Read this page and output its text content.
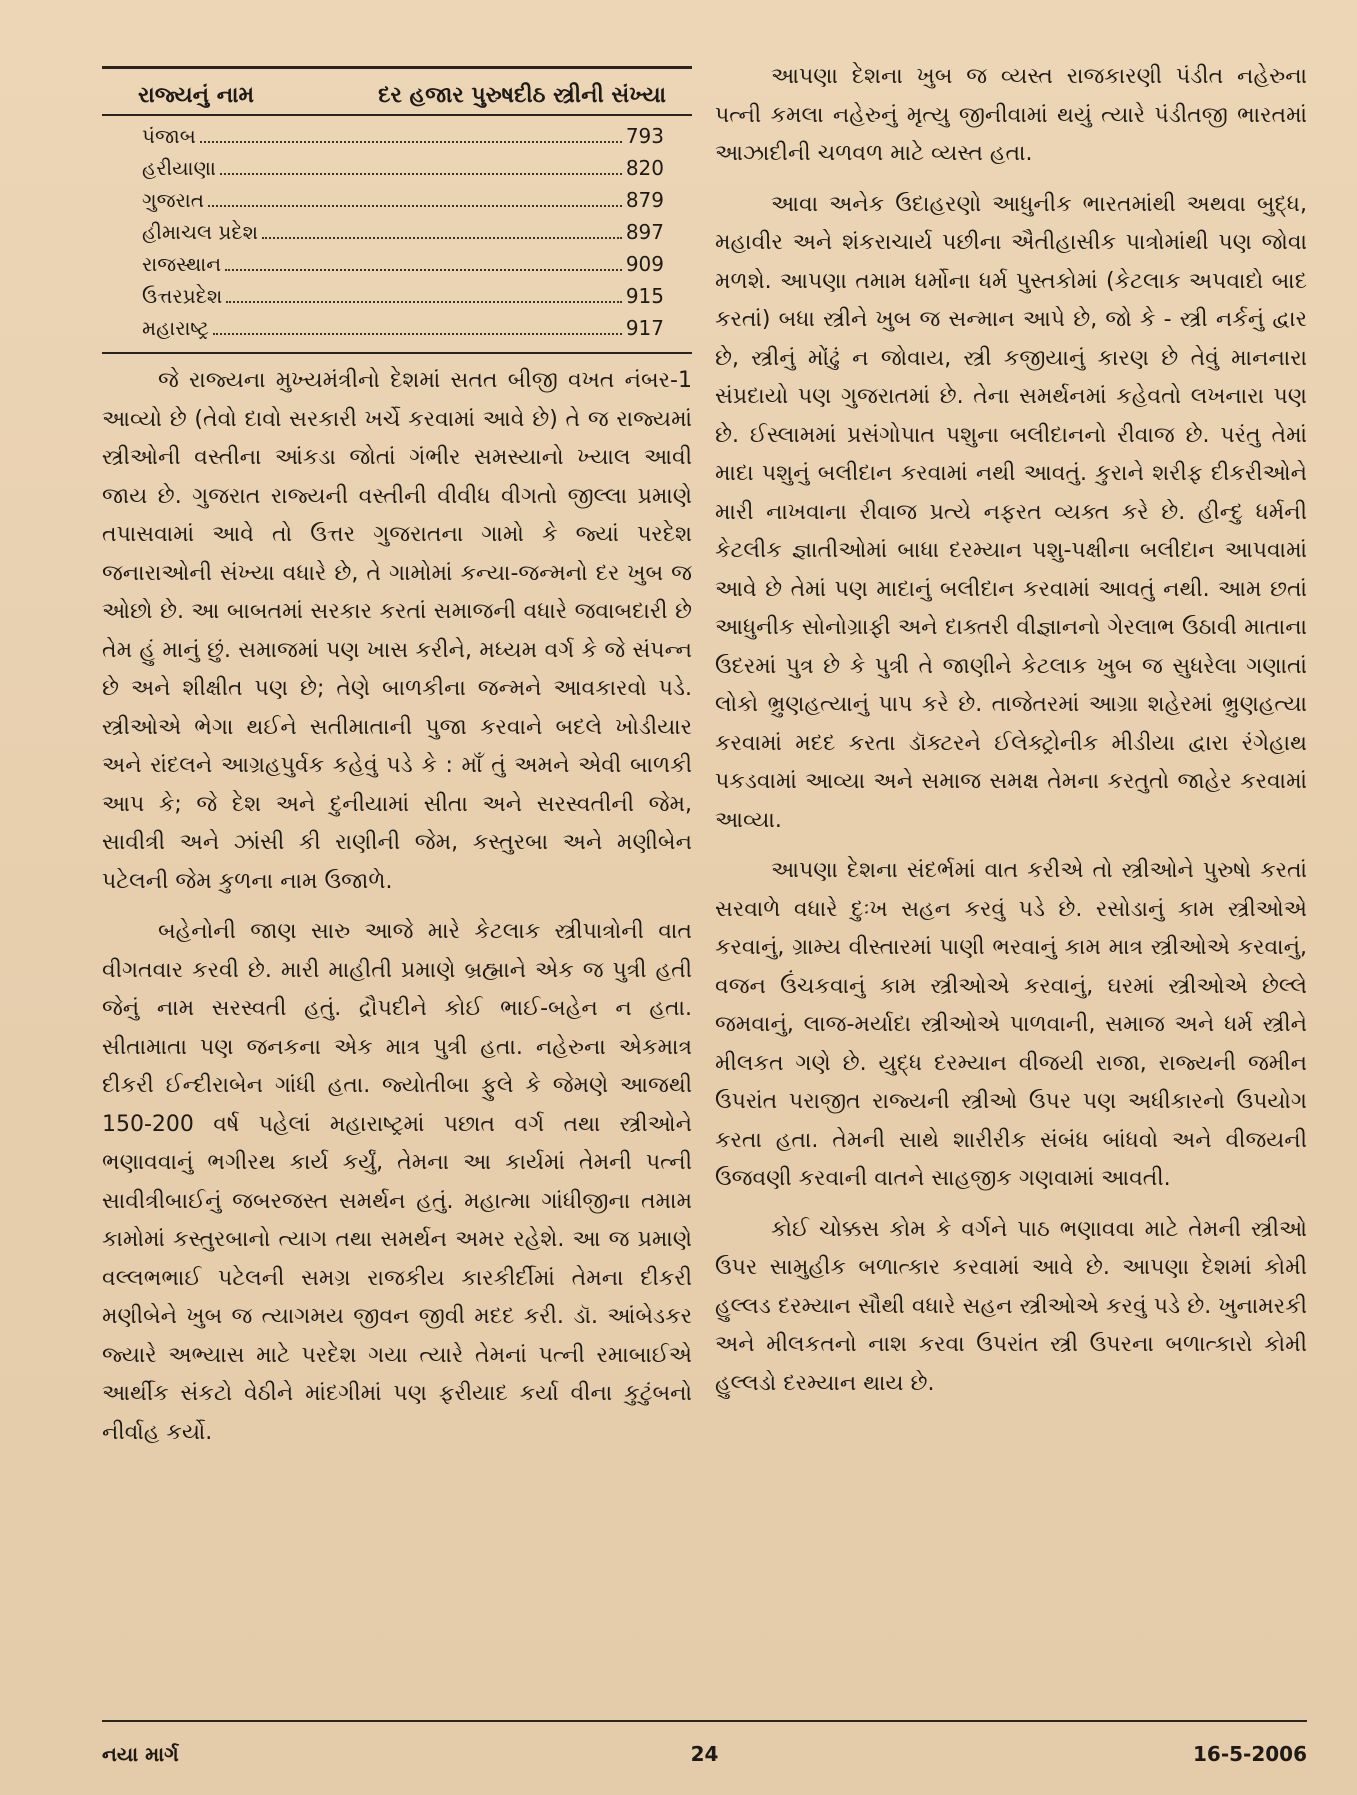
રાજ્યનું નામ	દર હજાર પુરુષદીઠ સ્ત્રીની સંખ્યા
પંજાબ	793
હરીયાણા	820
ગુજરાત	879
હીમાચલ પ્રદેશ	897
રાજસ્થાન	909
ઉત્તરપ્રદેશ	915
મહારાષ્ટ્ર	917

જે રાજ્યના મુખ્યમંત્રીનો દેશમાં સતત બીજી વખત નંબર-1 આવ્યો છે (તેવો દાવો સરકારી ખર્ચે કરવામાં આવે છે) તે જ રાજ્યમાં સ્ત્રીઓની વસ્તીના આંકડા જોતાં ગંભીર સમસ્યાનો ખ્યાલ આવી જાય છે. ગુજરાત રાજ્યની વસ્તીની વીવીધ વીગતો જીલ્લા પ્રમાણે તપાસવામાં આવે તો ઉત્તર ગુજરાતના ગામો કે જ્યાં પરદેશ જનારાઓની સંખ્યા વધારે છે, તે ગામોમાં કન્યા-જન્મનો દર ખુબ જ ઓછો છે. આ બાબતમાં સરકાર કરતાં સમાજની વધારે જવાબદારી છે તેમ હું માનું છું. સમાજમાં પણ ખાસ કરીને, મધ્યમ વર્ગ કે જે સંપન્ન છે અને શીક્ષીત પણ છે; તેણે બાળકીના જન્મને આવકારવો પડે. સ્ત્રીઓએ ભેગા થઈને સતીમાતાની પુજા કરવાને બદલે ખોડીયાર અને રાંદલને આગ્રહપુર્વક કહેવું પડે કે : માઁ તું અમને એવી બાળકી આપ કે; જે દેશ અને દુનીયામાં સીતા અને સરસ્વતીની જેમ, સાવીત્રી અને ઝાંસી કી રાણીની જેમ, કસ્તુરબા અને મણીબેન પટેલની જેમ કુળના નામ ઉજાળે.

બહેનોની જાણ સારુ આજે મારે કેટલાક સ્ત્રીપાત્રોની વાત વીગતવાર કરવી છે. મારી માહીતી પ્રમાણે બ્રહ્માને એક જ પુત્રી હતી જેનું નામ સરસ્વતી હતું. દ્રૌપદીને કોઈ ભાઈ-બહેન ન હતા. સીતામાતા પણ જનકના એક માત્ર પુત્રી હતા. નહેરુના એકમાત્ર દીકરી ઈન્દીરાબેન ગાંધી હતા. જ્યોતીબા ફુલે કે જેમણે આજથી 150-200 વર્ષ પહેલાં મહારાષ્ટ્રમાં પછાત વર્ગ તથા સ્ત્રીઓને ભણાવવાનું ભગીરથ કાર્ય કર્યું, તેમના આ કાર્યમાં તેમની પત્ની સાવીત્રીબાઈનું જબરજસ્ત સમર્થન હતું. મહાત્મા ગાંધીજીના તમામ કામોમાં કસ્તુરબાનો ત્યાગ તથા સમર્થન અમર રહેશે. આ જ પ્રમાણે વલ્લભભાઈ પટેલની સમગ્ર રાજકીય કારકીર્દીમાં તેમના દીકરી મણીબેને ખુબ જ ત્યાગમય જીવન જીવી મદદ કરી. ડૉ. આંબેડકર જ્યારે અભ્યાસ માટે પરદેશ ગયા ત્યારે તેમનાં પત્ની રમાબાઈએ આર્થીક સંકટો વેઠીને માંદગીમાં પણ ફરીયાદ કર્યા વીના કુટુંબનો નીર્વાહ કર્યો.

આપણા દેશના ખુબ જ વ્યસ્ત રાજકારણી પંડીત નહેરુના પત્ની કમલા નહેરુનું મૃત્યુ જીનીવામાં થયું ત્યારે પંડીતજી ભારતમાં આઝાદીની ચળવળ માટે વ્યસ્ત હતા.

આવા અનેક ઉદાહરણો આધુનીક ભારતમાંથી અથવા બુદ્ધ, મહાવીર અને શંકરાચાર્ય પછીના ઐતીહાસીક પાત્રોમાંથી પણ જોવા મળશે. આપણા તમામ ધર્મોના ધર્મ પુસ્તકોમાં (કેટલાક અપવાદો બાદ કરતાં) બધા સ્ત્રીને ખુબ જ સન્માન આપે છે, જો કે - સ્ત્રી નર્કનું દ્વાર છે, સ્ત્રીનું મોંઢું ન જોવાય, સ્ત્રી કજીયાનું કારણ છે તેવું માનનારા સંપ્રદાયો પણ ગુજરાતમાં છે. તેના સમર્થનમાં કહેવતો લખનારા પણ છે. ઈસ્લામમાં પ્રસંગોપાત પશુના બલીદાનનો રીવાજ છે. પરંતુ તેમાં માદા પશુનું બલીદાન કરવામાં નથી આવતું. કુરાને શરીફ દીકરીઓને મારી નાખવાના રીવાજ પ્રત્યે નફરત વ્યક્ત કરે છે. હીન્દુ ધર્મની કેટલીક જ્ઞાતીઓમાં બાધા દરમ્યાન પશુ-પક્ષીના બલીદાન આપવામાં આવે છે તેમાં પણ માદાનું બલીદાન કરવામાં આવતું નથી. આમ છતાં આધુનીક સોનોગ્રાફી અને દાક્તરી વીજ્ઞાનનો ગેરલાભ ઉઠાવી માતાના ઉદરમાં પુત્ર છે કે પુત્રી તે જાણીને કેટલાક ખુબ જ સુધરેલા ગણાતાં લોકો ભ્રુણહત્યાનું પાપ કરે છે. તાજેતરમાં આગ્રા શહેરમાં ભ્રુણહત્યા કરવામાં મદદ કરતા ડૉક્ટરને ઈલેક્ટ્રોનીક મીડીયા દ્વારા રંગેહાથ પકડવામાં આવ્યા અને સમાજ સમક્ષ તેમના કરતુતો જાહેર કરવામાં આવ્યા.

આપણા દેશના સંદર્ભમાં વાત કરીએ તો સ્ત્રીઓને પુરુષો કરતાં સરવાળે વધારે દુઃખ સહન કરવું પડે છે. રસોડાનું કામ સ્ત્રીઓએ કરવાનું, ગ્રામ્ય વીસ્તારમાં પાણી ભરવાનું કામ માત્ર સ્ત્રીઓએ કરવાનું, વજન ઉંચકવાનું કામ સ્ત્રીઓએ કરવાનું, ઘરમાં સ્ત્રીઓએ છેલ્લે જમવાનું, લાજ-મર્યાદા સ્ત્રીઓએ પાળવાની, સમાજ અને ધર્મ સ્ત્રીને મીલકત ગણે છે. યુદ્ધ દરમ્યાન વીજયી રાજા, રાજ્યની જમીન ઉપરાંત પરાજીત રાજ્યની સ્ત્રીઓ ઉપર પણ અધીકારનો ઉપયોગ કરતા હતા. તેમની સાથે શારીરીક સંબંધ બાંધવો અને વીજયની ઉજવણી કરવાની વાતને સાહજીક ગણવામાં આવતી.

કોઈ ચોક્કસ કોમ કે વર્ગને પાઠ ભણાવવા માટે તેમની સ્ત્રીઓ ઉપર સામુહીક બળાત્કાર કરવામાં આવે છે. આપણા દેશમાં કોમી હુલ્લડ દરમ્યાન સૌથી વધારે સહન સ્ત્રીઓએ કરવું પડે છે. ખુનામરકી અને મીલકતનો નાશ કરવા ઉપરાંત સ્ત્રી ઉપરના બળાત્કારો કોમી હુલ્લડો દરમ્યાન થાય છે.

નયા માર્ગ	24	16-5-2006
